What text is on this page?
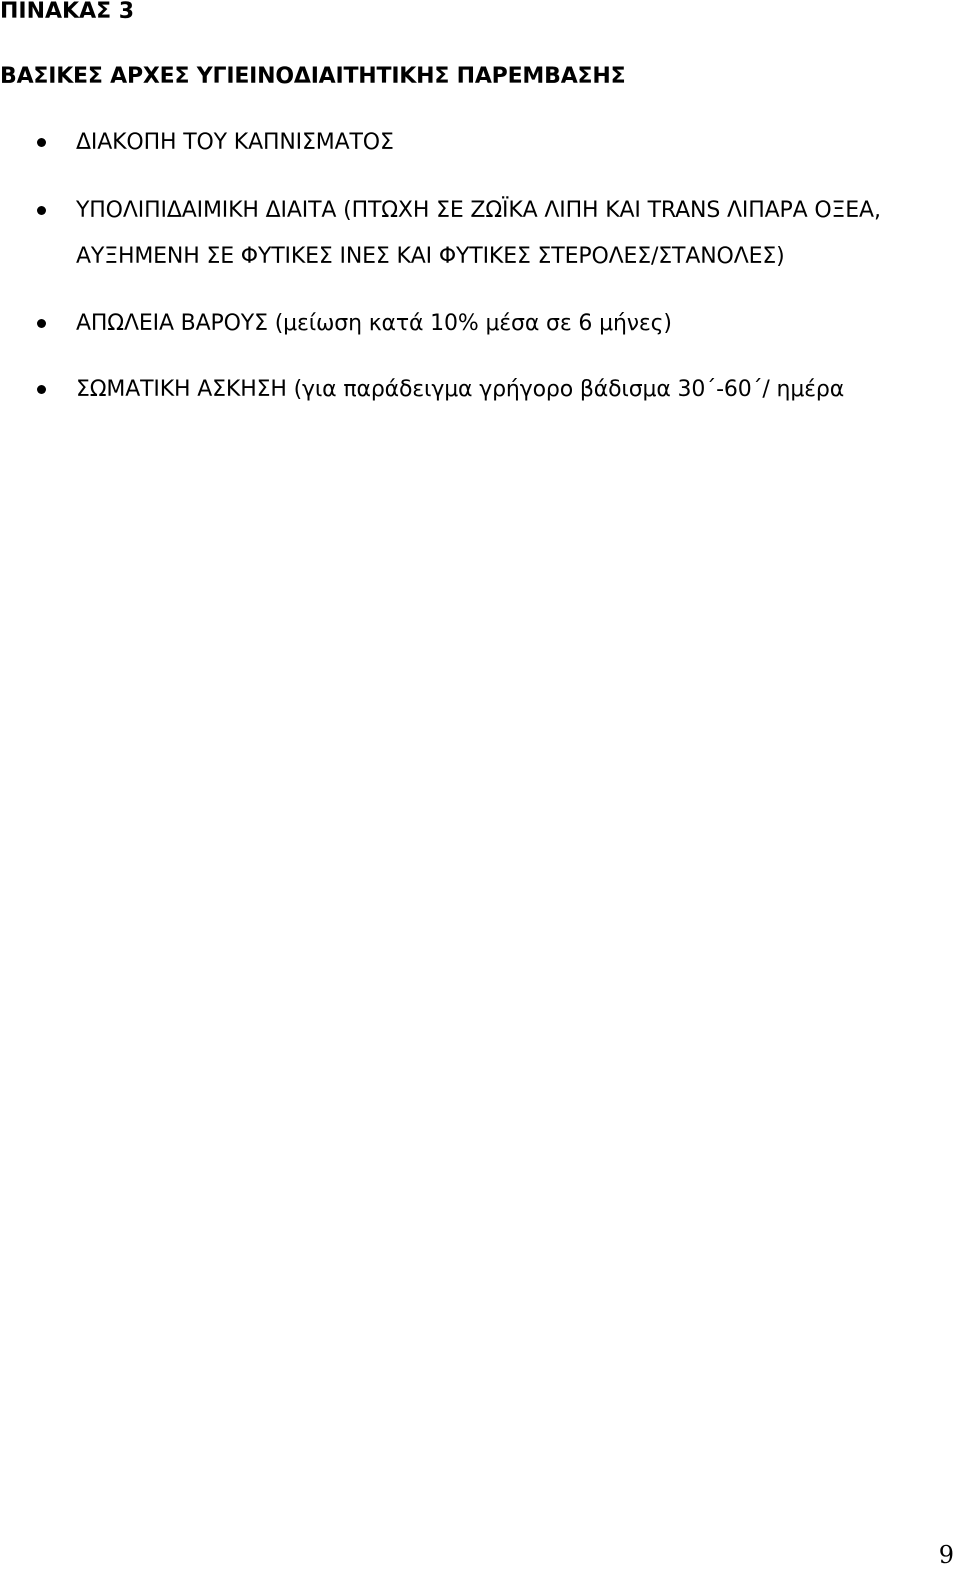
ΠΙΝΑΚΑΣ 3
ΒΑΣΙΚΕΣ ΑΡΧΕΣ ΥΓΙΕΙΝΟΔΙΑΙΤΗΤΙΚΗΣ ΠΑΡΕΜΒΑΣΗΣ
ΔΙΑΚΟΠΗ ΤΟΥ ΚΑΠΝΙΣΜΑΤΟΣ
ΥΠΟΛΙΠΙΔΑΙΜΙΚΗ ΔΙΑΙΤΑ (ΠΤΩΧΗ ΣΕ ΖΩΪΚΑ ΛΙΠΗ ΚΑΙ TRANS ΛΙΠΑΡΑ ΟΞΕΑ,
ΑΥΞΗΜΕΝΗ ΣΕ ΦΥΤΙΚΕΣ ΙΝΕΣ ΚΑΙ ΦΥΤΙΚΕΣ ΣΤΕΡΟΛΕΣ/ΣΤΑΝΟΛΕΣ)
ΑΠΩΛΕΙΑ ΒΑΡΟΥΣ (μείωση κατά 10% μέσα σε 6 μήνες)
ΣΩΜΑΤΙΚΗ ΑΣΚΗΣΗ (για παράδειγμα γρήγορο βάδισμα 30΄-60΄/ ημέρα
9
